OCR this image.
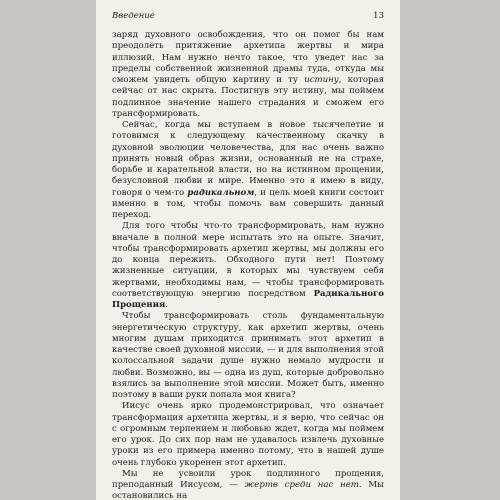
Введение	13

заряд духовного освобождения, что он помог бы нам преодолеть притяжение архетипа жертвы и мира иллюзий. Нам нужно нечто такое, что уведет нас за пределы собственной жизненной драмы туда, откуда мы сможем увидеть общую картину и ту истину, которая сейчас от нас скрыта. Постигнув эту истину, мы поймем подлинное значение нашего страдания и сможем его трансформировать.

Сейчас, когда мы вступаем в новое тысячелетие и готовимся к следующему качественному скачку в духовной эволюции человечества, для нас очень важно принять новый образ жизни, основанный не на страхе, борьбе и карательной власти, но на истинном прощении, безусловной любви и мире. Именно это я имею в виду, говоря о чем-то радикальном, и цель моей книги состоит именно в том, чтобы помочь вам совершить данный переход.

Для того чтобы что-то трансформировать, нам нужно вначале в полной мере испытать это на опыте. Значит, чтобы трансформировать архетип жертвы, мы должны его до конца пережить. Обходного пути нет! Поэтому жизненные ситуации, в которых мы чувствуем себя жертвами, необходимы нам, — чтобы трансформировать соответствующую энергию посредством Радикального Прощения.

Чтобы трансформировать столь фундаментальную энергетическую структуру, как архетип жертвы, очень многим душам приходится принимать этот архетип в качестве своей духовной миссии, — и для выполнения этой колоссальной задачи душе нужно немало мудрости и любви. Возможно, вы — одна из душ, которые добровольно взялись за выполнение этой миссии. Может быть, именно поэтому в ваши руки попала моя книга?

Иисус очень ярко продемонстрировал, что означает трансформация архетипа жертвы, и я верю, что сейчас он с огромным терпением и любовью ждет, когда мы поймем его урок. До сих пор нам не удавалось извлечь духовные уроки из его примера именно потому, что в нашей душе очень глубоко укоренен этот архетип.

Мы не усвоили урок подлинного прощения, преподанный Иисусом, — жертв среди нас нет. Мы остановились на
